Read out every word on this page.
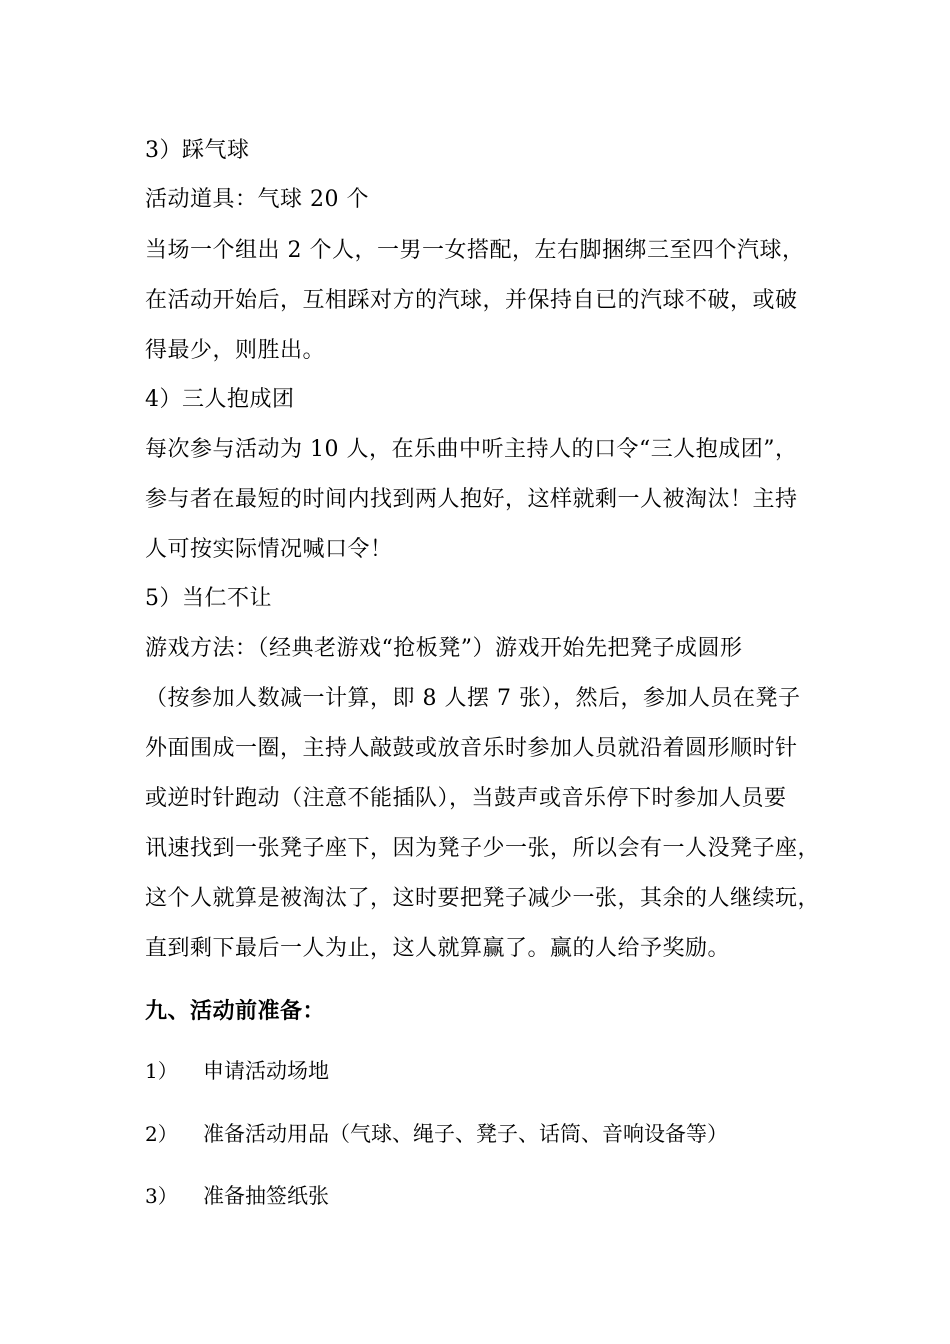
3）踩气球
活动道具：气球 20 个
当场一个组出 2 个人，一男一女搭配，左右脚捆绑三至四个汽球，
在活动开始后，互相踩对方的汽球，并保持自已的汽球不破，或破
得最少，则胜出。
4）三人抱成团
每次参与活动为 10 人，在乐曲中听主持人的口令“三人抱成团”，
参与者在最短的时间内找到两人抱好，这样就剩一人被淘汰！主持
人可按实际情况喊口令！
5）当仁不让
游戏方法：（经典老游戏“抢板凳”）游戏开始先把凳子成圆形
（按参加人数减一计算，即 8 人摆 7 张），然后，参加人员在凳子
外面围成一圈，主持人敲鼓或放音乐时参加人员就沿着圆形顺时针
或逆时针跑动（注意不能插队），当鼓声或音乐停下时参加人员要
讯速找到一张凳子座下，因为凳子少一张，所以会有一人没凳子座，
这个人就算是被淘汰了，这时要把凳子减少一张，其余的人继续玩，
直到剩下最后一人为止，这人就算赢了。赢的人给予奖励。
九、活动前准备：
1） 申请活动场地
2） 准备活动用品（气球、绳子、凳子、话筒、音响设备等）
3） 准备抽签纸张
